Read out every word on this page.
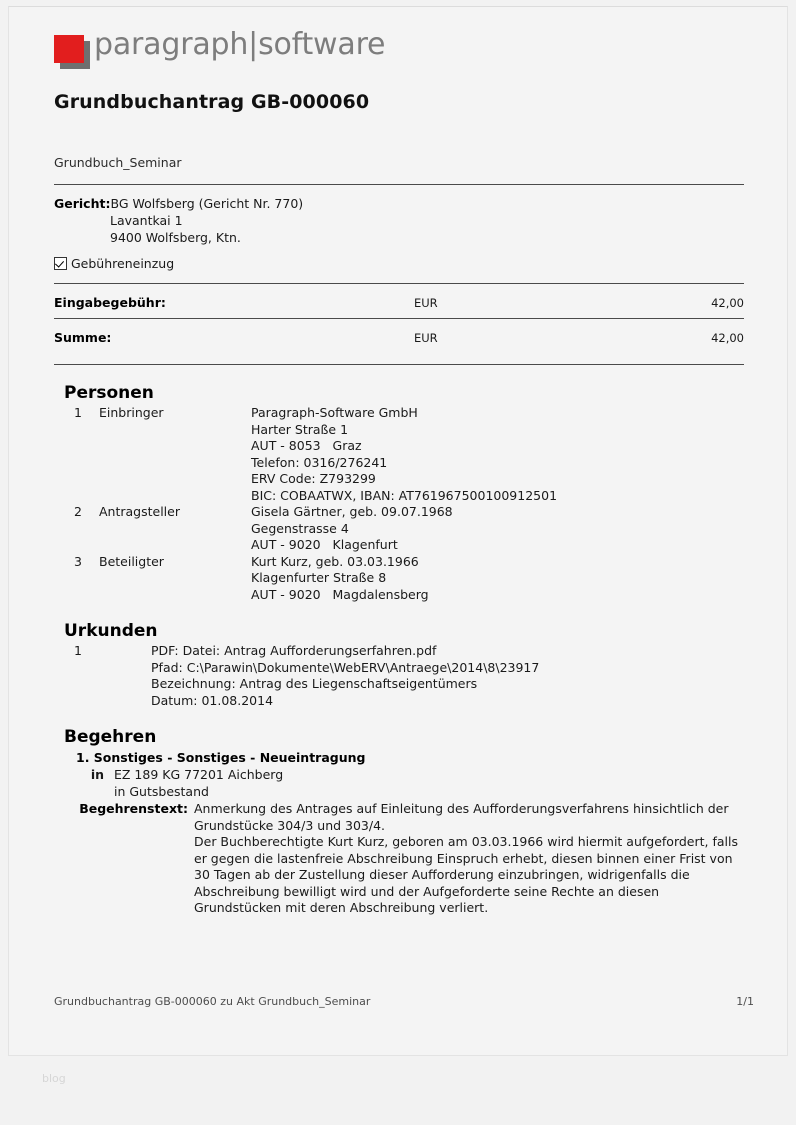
paragraph|software
Grundbuchantrag GB-000060
Grundbuch_Seminar
Gericht:BG Wolfsberg (Gericht Nr. 770)
Lavantkai 1
9400 Wolfsberg, Ktn.
Gebühreneinzug
Eingabegebühr:	EUR	42,00
Summe:	EUR	42,00
Personen
1	Einbringer	Paragraph-Software GmbH
Harter Straße 1
AUT - 8053   Graz
Telefon: 0316/276241
ERV Code: Z793299
BIC: COBAATWX, IBAN: AT761967500100912501
2	Antragsteller	Gisela Gärtner, geb. 09.07.1968
Gegenstrasse 4
AUT - 9020   Klagenfurt
3	Beteiligter	Kurt Kurz, geb. 03.03.1966
Klagenfurter Straße 8
AUT - 9020   Magdalensberg
Urkunden
1	PDF: Datei: Antrag Aufforderungserfahren.pdf
Pfad: C:\Parawin\Dokumente\WebERV\Antraege\2014\8\23917
Bezeichnung: Antrag des Liegenschaftseigentümers
Datum: 01.08.2014
Begehren
1. Sonstiges - Sonstiges - Neueintragung
in EZ 189 KG 77201 Aichberg
in Gutsbestand
Begehrenstext: Anmerkung des Antrages auf Einleitung des Aufforderungsverfahrens hinsichtlich der Grundstücke 304/3 und 303/4.

Der Buchberechtigte Kurt Kurz, geboren am 03.03.1966 wird hiermit aufgefordert, falls er gegen die lastenfreie Abschreibung Einspruch erhebt, diesen binnen einer Frist von 30 Tagen ab der Zustellung dieser Aufforderung einzubringen, widrigenfalls die Abschreibung bewilligt wird und der Aufgeforderte seine Rechte an diesen Grundstücken mit deren Abschreibung verliert.

Grundbuchantrag GB-000060 zu Akt Grundbuch_Seminar	1/1
blog
